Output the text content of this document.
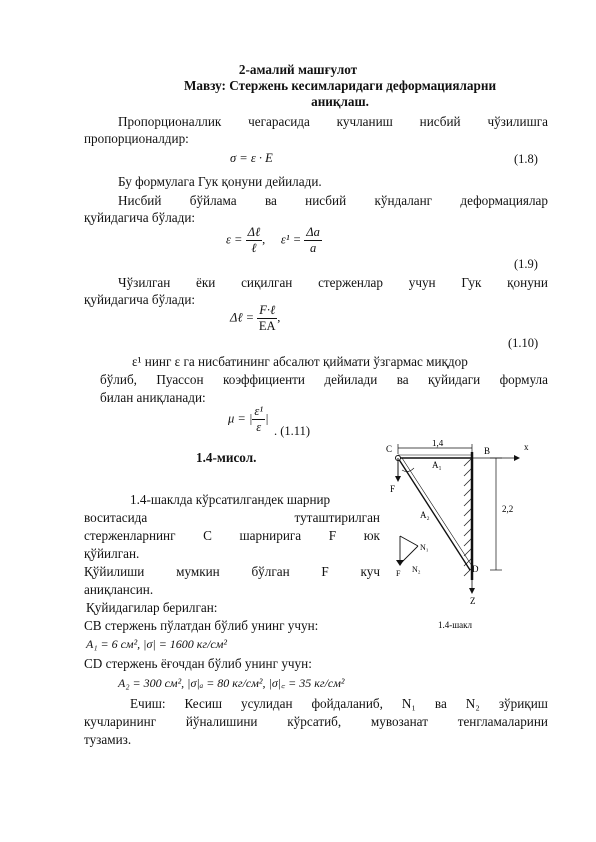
2-амалий машғулот
Мавзу: Стержень кесимларидаги деформацияларни
аниқлаш.
Пропорционаллик чегарасида кучланиш нисбий чўзилишга
пропорционалдир:
σ = ε · E	(1.8)
Бу формулага Гук қонуни дейилади.
Нисбий бўйлама ва нисбий кўндаланг деформациялар
қуйидагича бўлади:
$\varepsilon = \frac{\text{Δℓ}}{\text{ℓ}}$ , $\varepsilon^1 = \frac{\Delta a}{a}$
(1.9)
Чўзилган ёки сиқилган стерженлар учун Гук қонуни
қуйидагича бўлади:
Δℓ = $\frac{\text{F·ℓ}}{EA}$ ,
(1.10)
ε¹ нинг ε га нисбатининг абсалют қиймати ўзгармас миқдор
бўлиб, Пуассон коэффициенти дейилади ва қуйидаги формула
билан аниқланади:
μ = | $\frac{\text{ε¹}}{\varepsilon}$ |
. (1.11)
1.4-мисол.
1.4-шаклда кўрсатилгандек шарнир
воситасида	туташтирилган
стерженларнинг С шарнирига F юк
қўйилган.
Қўйилиши мумкин бўлган F куч
аниқлансин.
Қуйидагилар берилган:
СВ стержень пўлатдан бўлиб унинг учун:
A₁ = 6 см², |σ| = 1600 кг/см²
СD стержень ёғочдан бўлиб унинг учун:
A₂ = 300 см², |σ|ₐ = 80 кг/см², |σ|꜀ = 35 кг/см²
Ечиш: Кесиш усулидан фойдаланиб, N₁ ва N₂ зўриқиш
кучларининг йўналишини кўрсатиб, мувозанат тенгламаларини
тузамиз.
1,4	x
B
2,2
C
A₁
A₂
D
F
N₁
N₂
F
Z
1.4-шакл
